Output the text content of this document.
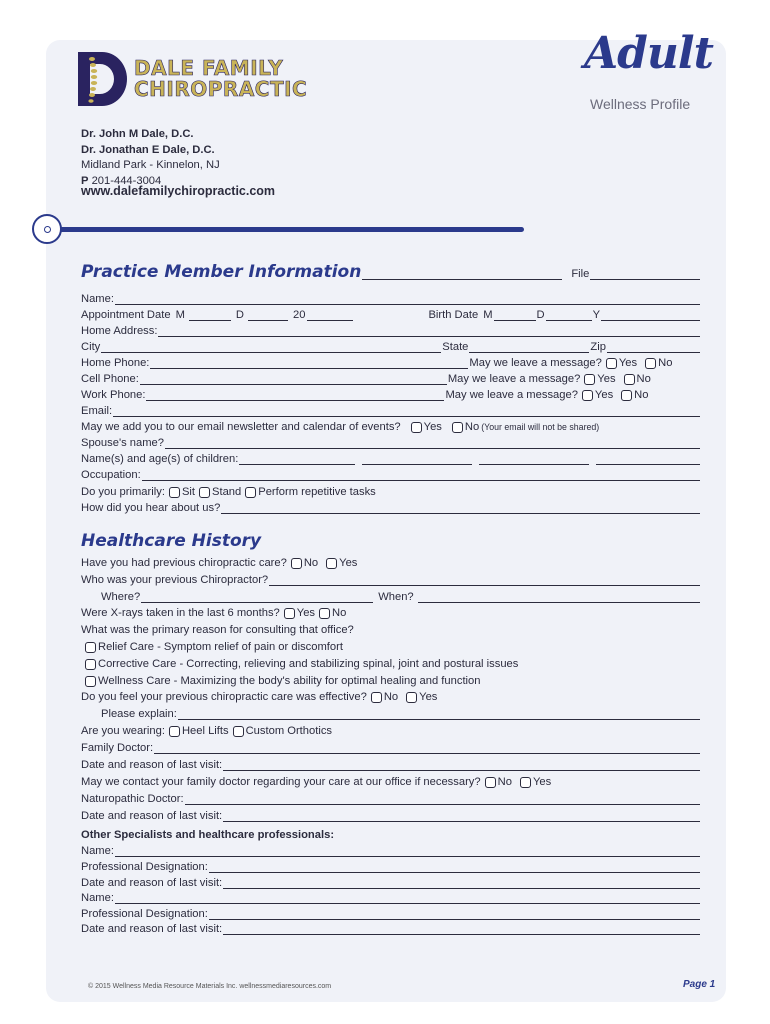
DALE FAMILY
CHIROPRACTIC
Dr. John M Dale, D.C.
Dr. Jonathan E Dale, D.C.
Midland Park - Kinnelon, NJ
P 201-444-3004
www.dalefamilychiropractic.com
Adult
Wellness Profile
Practice Member Information	File
Name:
Appointment Date M	D	20	Birth Date M	D	Y
Home Address:
City	State	Zip
Home Phone:	May we leave a message? Yes No
Cell Phone:	May we leave a message? Yes No
Work Phone:	May we leave a message? Yes No
Email:
May we add you to our email newsletter and calendar of events? Yes No (Your email will not be shared)
Spouse's name?
Name(s) and age(s) of children:
Occupation:
Do you primarily: Sit Stand Perform repetitive tasks
How did you hear about us?
Healthcare History
Have you had previous chiropractic care? No Yes
Who was your previous Chiropractor?
Where?	When?
Were X-rays taken in the last 6 months? Yes No
What was the primary reason for consulting that office?
Relief Care - Symptom relief of pain or discomfort
Corrective Care - Correcting, relieving and stabilizing spinal, joint and postural issues
Wellness Care - Maximizing the body's ability for optimal healing and function
Do you feel your previous chiropractic care was effective? No Yes
Please explain:
Are you wearing: Heel Lifts Custom Orthotics
Family Doctor:
Date and reason of last visit:
May we contact your family doctor regarding your care at our office if necessary? No Yes
Naturopathic Doctor:
Date and reason of last visit:
Other Specialists and healthcare professionals:
Name:
Professional Designation:
Date and reason of last visit:
Name:
Professional Designation:
Date and reason of last visit:
© 2015 Wellness Media Resource Materials Inc. wellnessmediaresources.com	Page 1
